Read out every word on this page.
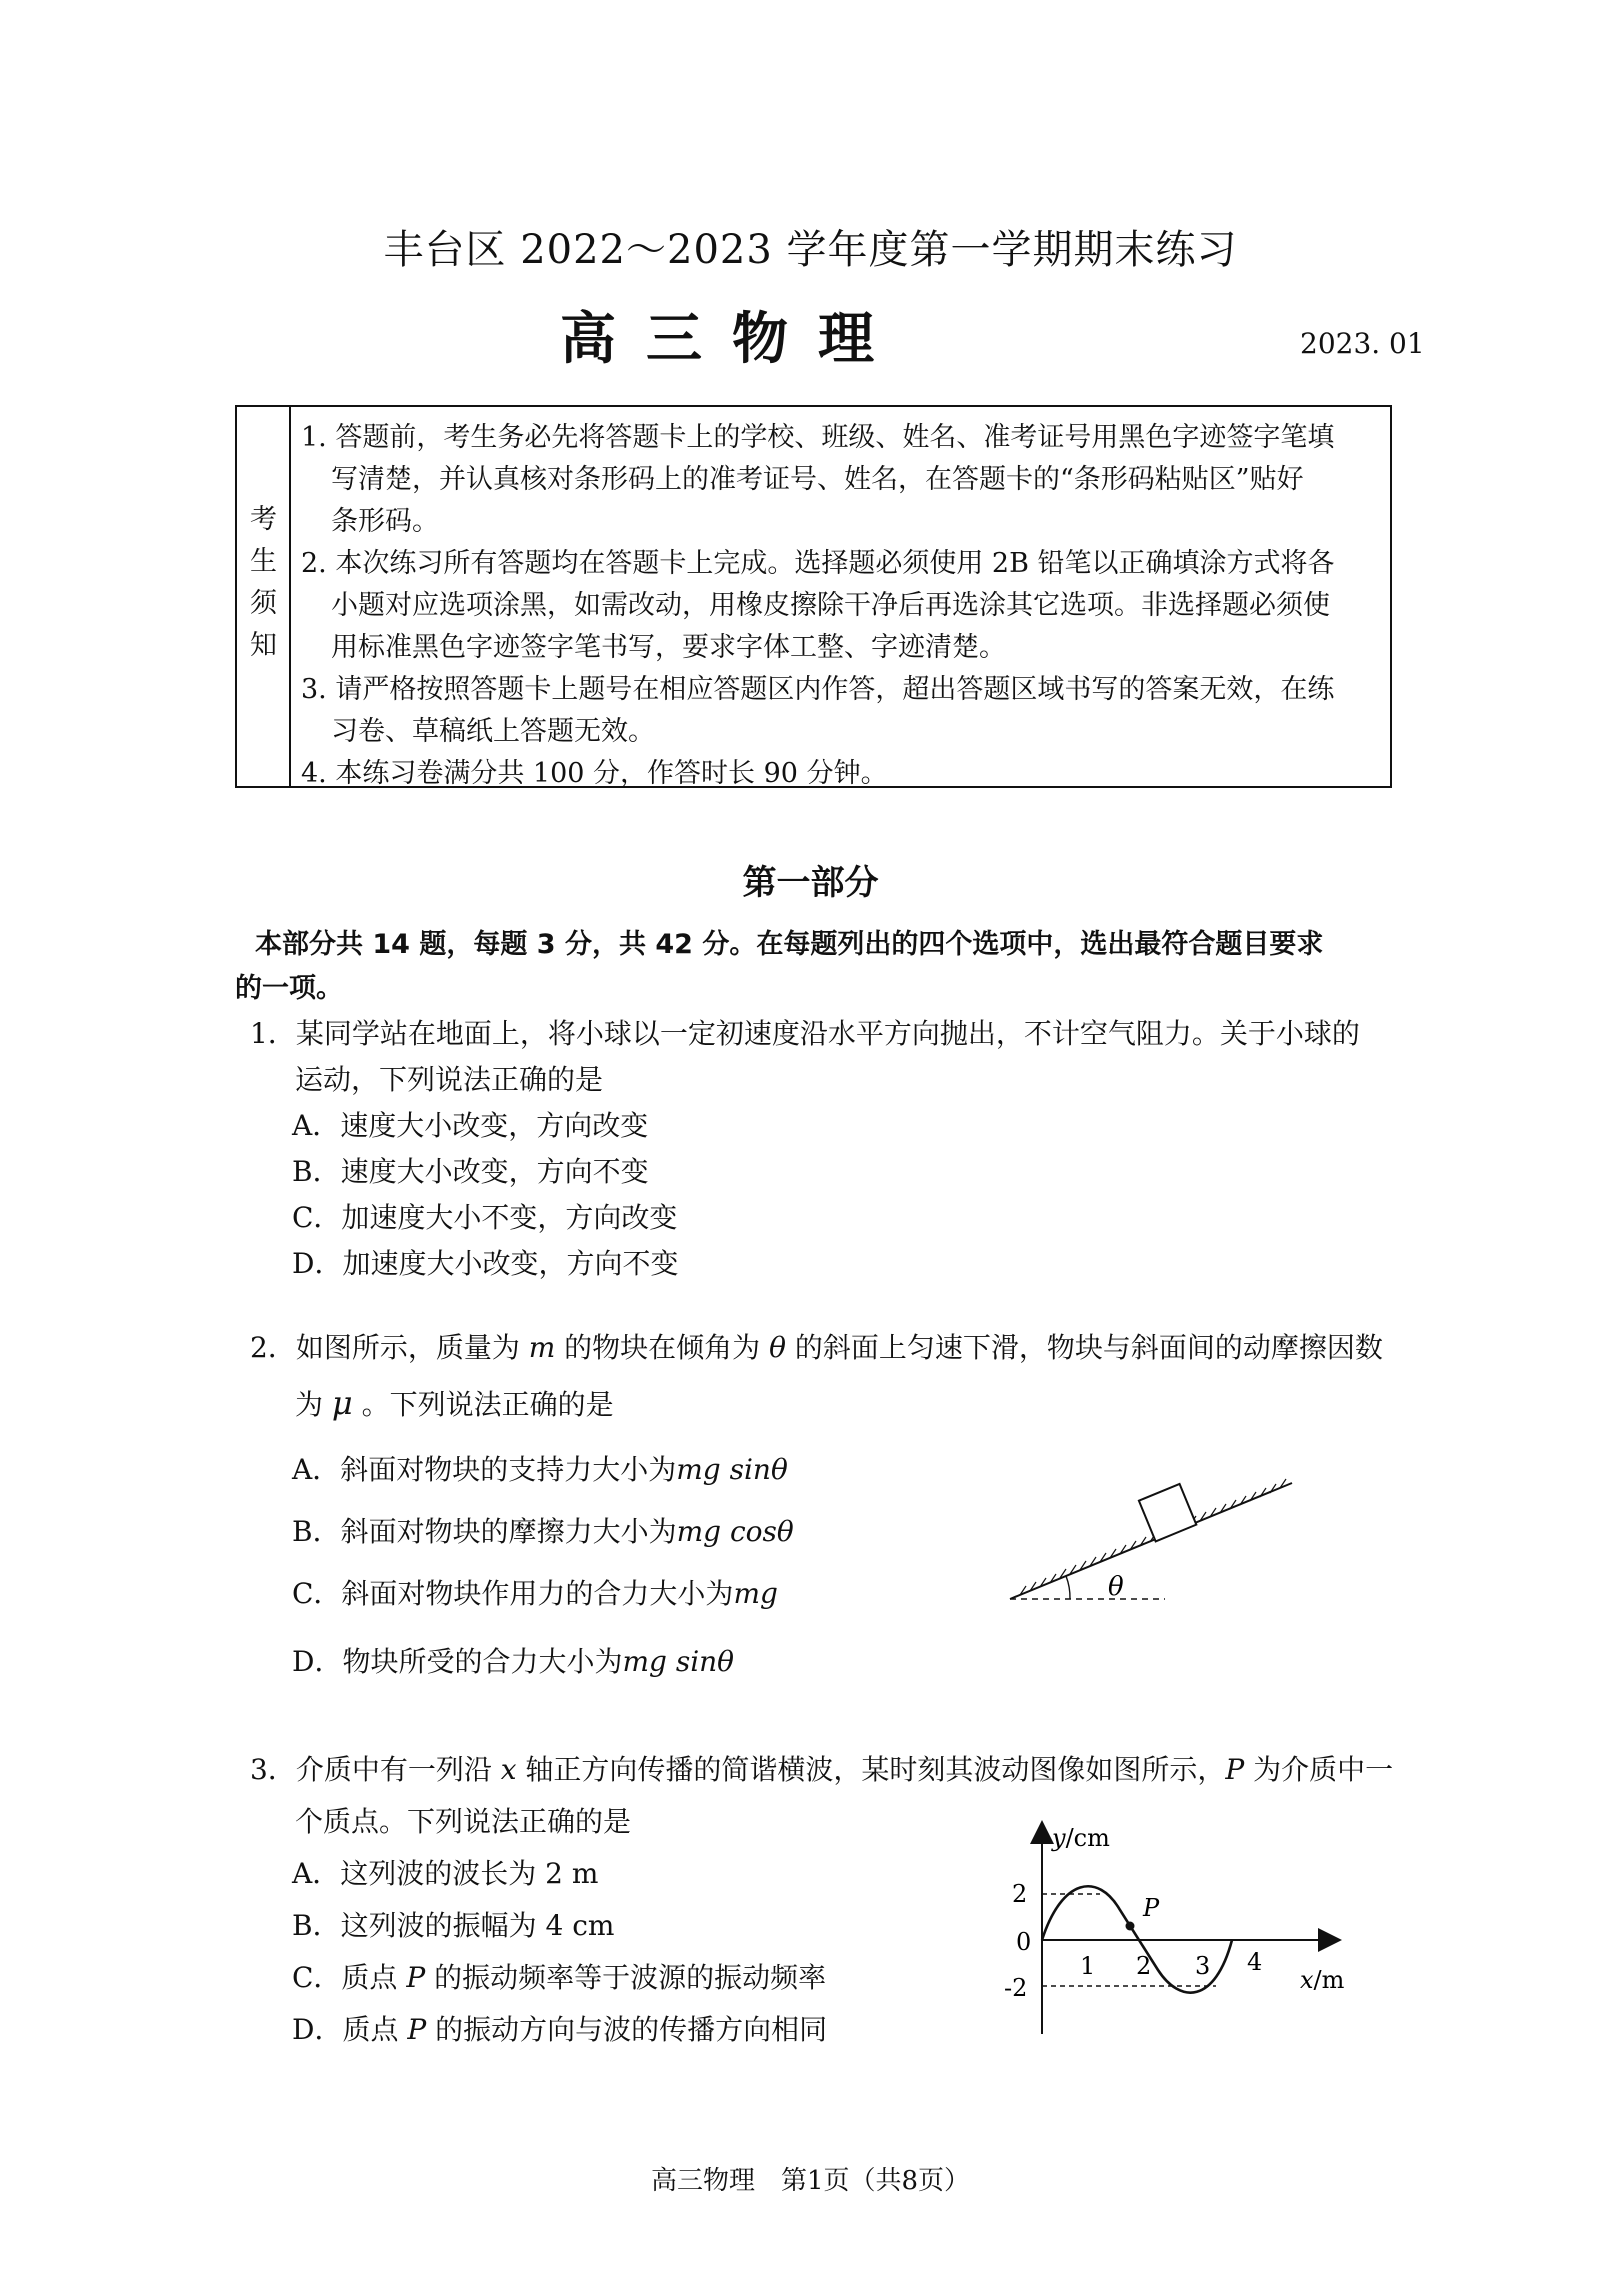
丰台区 2022～2023 学年度第一学期期末练习
高三物理	2023. 01
考
生
须
知
1. 答题前，考生务必先将答题卡上的学校、班级、姓名、准考证号用黑色字迹签字笔填
写清楚，并认真核对条形码上的准考证号、姓名，在答题卡的“条形码粘贴区”贴好
条形码。
2. 本次练习所有答题均在答题卡上完成。选择题必须使用 2B 铅笔以正确填涂方式将各
小题对应选项涂黑，如需改动，用橡皮擦除干净后再选涂其它选项。非选择题必须使
用标准黑色字迹签字笔书写，要求字体工整、字迹清楚。
3. 请严格按照答题卡上题号在相应答题区内作答，超出答题区域书写的答案无效，在练
习卷、草稿纸上答题无效。
4. 本练习卷满分共 100 分，作答时长 90 分钟。
第一部分
本部分共 14 题，每题 3 分，共 42 分。在每题列出的四个选项中，选出最符合题目要求
的一项。
1．某同学站在地面上，将小球以一定初速度沿水平方向抛出，不计空气阻力。关于小球的
运动，下列说法正确的是
A．速度大小改变，方向改变
B．速度大小改变，方向不变
C．加速度大小不变，方向改变
D．加速度大小改变，方向不变
2．如图所示，质量为 m 的物块在倾角为 θ 的斜面上匀速下滑，物块与斜面间的动摩擦因数
为 μ 。下列说法正确的是
A．斜面对物块的支持力大小为mg sinθ
B．斜面对物块的摩擦力大小为mg cosθ
C．斜面对物块作用力的合力大小为mg
D．物块所受的合力大小为mg sinθ
θ
3．介质中有一列沿 x 轴正方向传播的简谐横波，某时刻其波动图像如图所示，P 为介质中一
个质点。下列说法正确的是
A．这列波的波长为 2 m
B．这列波的振幅为 4 cm
C．质点 P 的振动频率等于波源的振动频率
D．质点 P 的振动方向与波的传播方向相同
y/cm
x/m
2
0
-2
1 2 3 4
P
高三物理　第1页（共8页）
